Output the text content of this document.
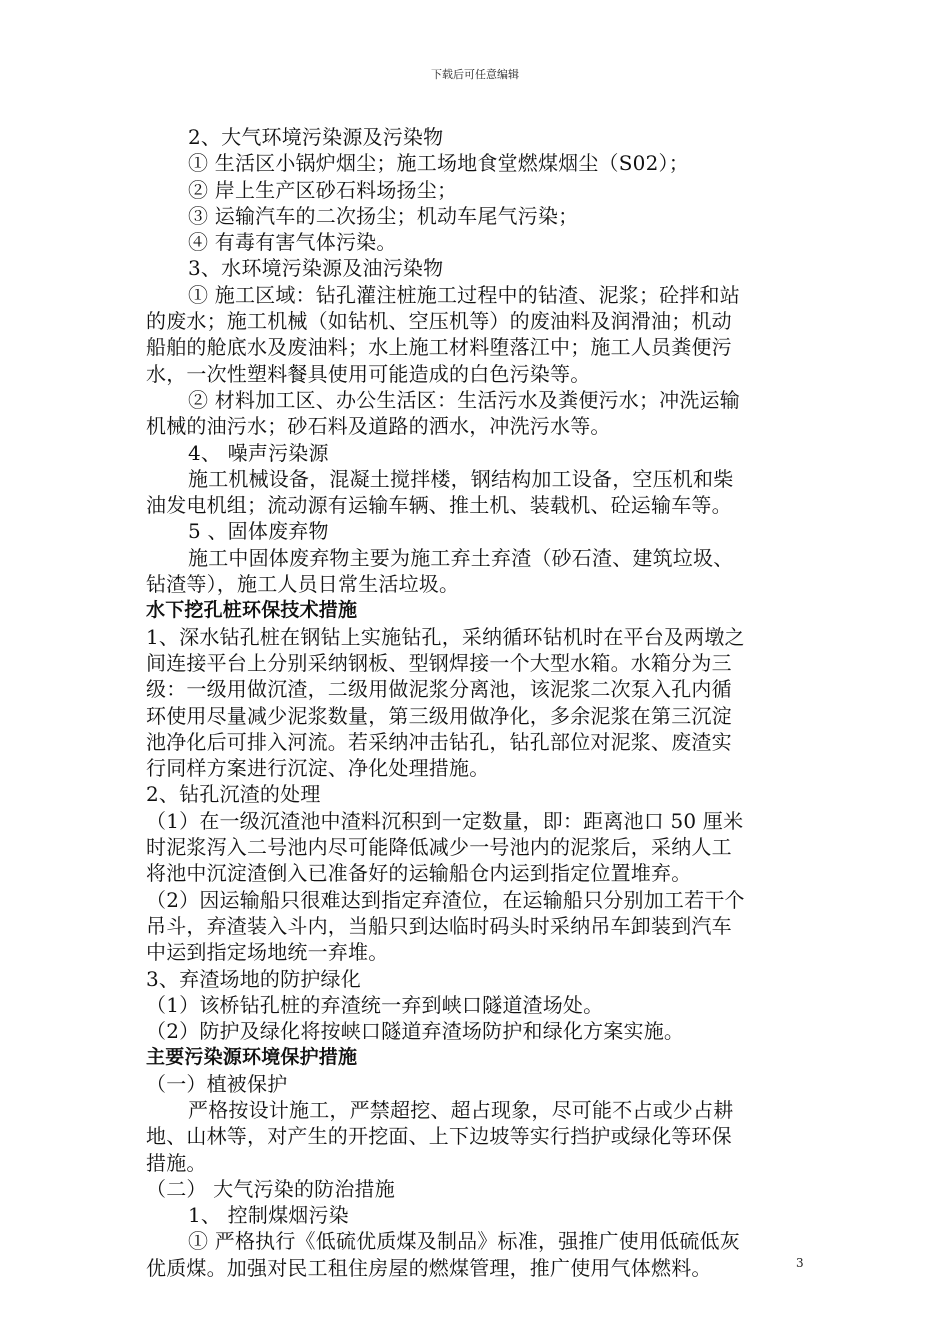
下载后可任意编辑
2、大气环境污染源及污染物
① 生活区小锅炉烟尘；施工场地食堂燃煤烟尘（S02）；
② 岸上生产区砂石料场扬尘；
③ 运输汽车的二次扬尘；机动车尾气污染；
④ 有毒有害气体污染。
3、水环境污染源及油污染物
① 施工区域：钻孔灌注桩施工过程中的钻渣、泥浆；砼拌和站
的废水；施工机械（如钻机、空压机等）的废油料及润滑油；机动
船舶的舱底水及废油料；水上施工材料堕落江中；施工人员粪便污
水，一次性塑料餐具使用可能造成的白色污染等。
② 材料加工区、办公生活区：生活污水及粪便污水；冲洗运输
机械的油污水；砂石料及道路的洒水，冲洗污水等。
4、 噪声污染源
施工机械设备，混凝土搅拌楼，钢结构加工设备，空压机和柴
油发电机组；流动源有运输车辆、推土机、装载机、砼运输车等。
5 、固体废弃物
施工中固体废弃物主要为施工弃土弃渣（砂石渣、建筑垃圾、
钻渣等），施工人员日常生活垃圾。
水下挖孔桩环保技术措施
1、深水钻孔桩在钢钻上实施钻孔，采纳循环钻机时在平台及两墩之
间连接平台上分别采纳钢板、型钢焊接一个大型水箱。水箱分为三
级：一级用做沉渣，二级用做泥浆分离池，该泥浆二次泵入孔内循
环使用尽量减少泥浆数量，第三级用做净化，多余泥浆在第三沉淀
池净化后可排入河流。若采纳冲击钻孔，钻孔部位对泥浆、废渣实
行同样方案进行沉淀、净化处理措施。
2、钻孔沉渣的处理
（1）在一级沉渣池中渣料沉积到一定数量，即：距离池口 50 厘米
时泥浆泻入二号池内尽可能降低减少一号池内的泥浆后，采纳人工
将池中沉淀渣倒入已准备好的运输船仓内运到指定位置堆弃。
（2）因运输船只很难达到指定弃渣位，在运输船只分别加工若干个
吊斗，弃渣装入斗内，当船只到达临时码头时采纳吊车卸装到汽车
中运到指定场地统一弃堆。
3、弃渣场地的防护绿化
（1）该桥钻孔桩的弃渣统一弃到峡口隧道渣场处。
（2）防护及绿化将按峡口隧道弃渣场防护和绿化方案实施。
主要污染源环境保护措施
（一）植被保护
严格按设计施工，严禁超挖、超占现象，尽可能不占或少占耕
地、山林等，对产生的开挖面、上下边坡等实行挡护或绿化等环保
措施。
（二） 大气污染的防治措施
1、 控制煤烟污染
① 严格执行《低硫优质煤及制品》标准，强推广使用低硫低灰
优质煤。加强对民工租住房屋的燃煤管理，推广使用气体燃料。	3
